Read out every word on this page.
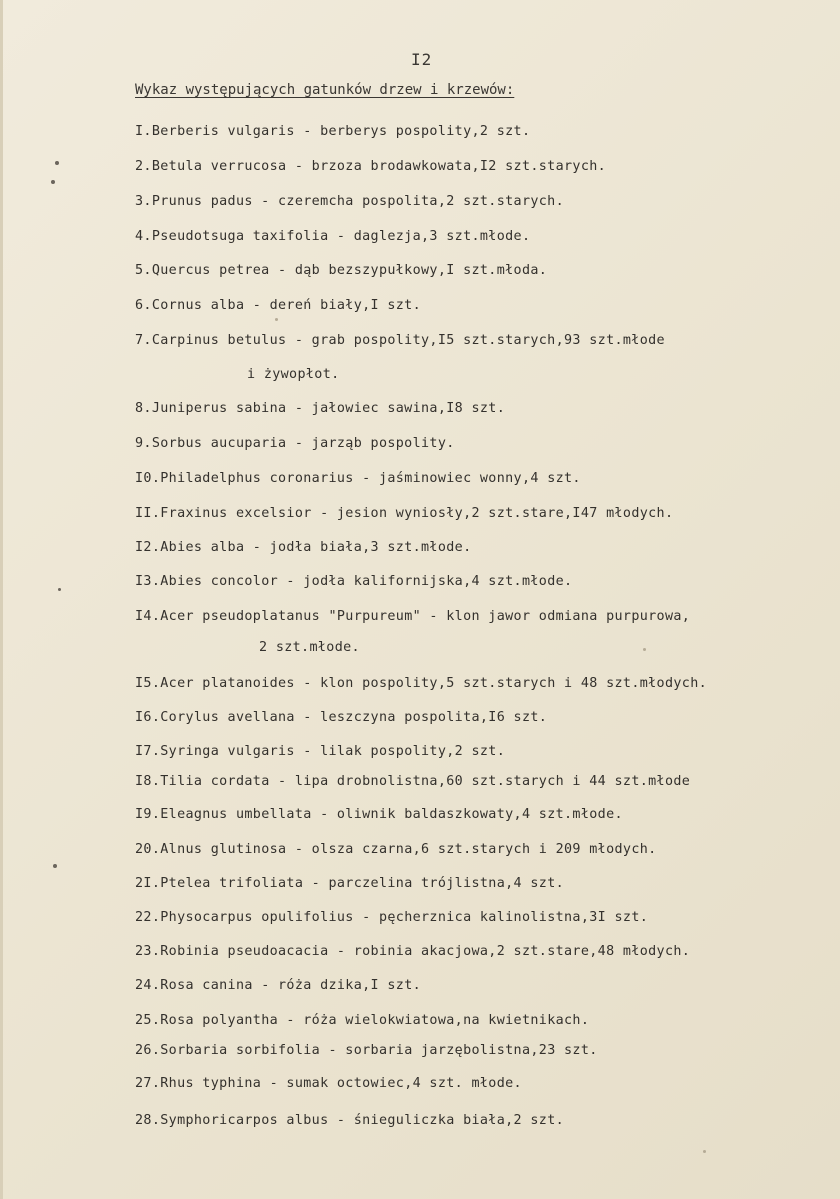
I2
Wykaz występujących gatunków drzew i krzewów:
I.Berberis vulgaris - berberys pospolity,2 szt.
2.Betula verrucosa - brzoza brodawkowata,I2 szt.starych.
3.Prunus padus - czeremcha pospolita,2 szt.starych.
4.Pseudotsuga taxifolia - daglezja,3 szt.młode.
5.Quercus petrea - dąb bezszypułkowy,I szt.młoda.
6.Cornus alba - dereń biały,I szt.
7.Carpinus betulus - grab pospolity,I5 szt.starych,93 szt.młode
i żywopłot.
8.Juniperus sabina - jałowiec sawina,I8 szt.
9.Sorbus aucuparia - jarząb pospolity.
I0.Philadelphus coronarius - jaśminowiec wonny,4 szt.
II.Fraxinus excelsior - jesion wyniosły,2 szt.stare,I47 młodych.
I2.Abies alba - jodła biała,3 szt.młode.
I3.Abies concolor - jodła kalifornijska,4 szt.młode.
I4.Acer pseudoplatanus "Purpureum" - klon jawor odmiana purpurowa,
2 szt.młode.
I5.Acer platanoides - klon pospolity,5 szt.starych i 48 szt.młodych.
I6.Corylus avellana - leszczyna pospolita,I6 szt.
I7.Syringa vulgaris - lilak pospolity,2 szt.
I8.Tilia cordata - lipa drobnolistna,60 szt.starych i 44 szt.młode
I9.Eleagnus umbellata - oliwnik baldaszkowaty,4 szt.młode.
20.Alnus glutinosa - olsza czarna,6 szt.starych i 209 młodych.
2I.Ptelea trifoliata - parczelina trójlistna,4 szt.
22.Physocarpus opulifolius - pęcherznica kalinolistna,3I szt.
23.Robinia pseudoacacia - robinia akacjowa,2 szt.stare,48 młodych.
24.Rosa canina - róża dzika,I szt.
25.Rosa polyantha - róża wielokwiatowa,na kwietnikach.
26.Sorbaria sorbifolia - sorbaria jarzębolistna,23 szt.
27.Rhus typhina - sumak octowiec,4 szt. młode.
28.Symphoricarpos albus - śnieguliczka biała,2 szt.
